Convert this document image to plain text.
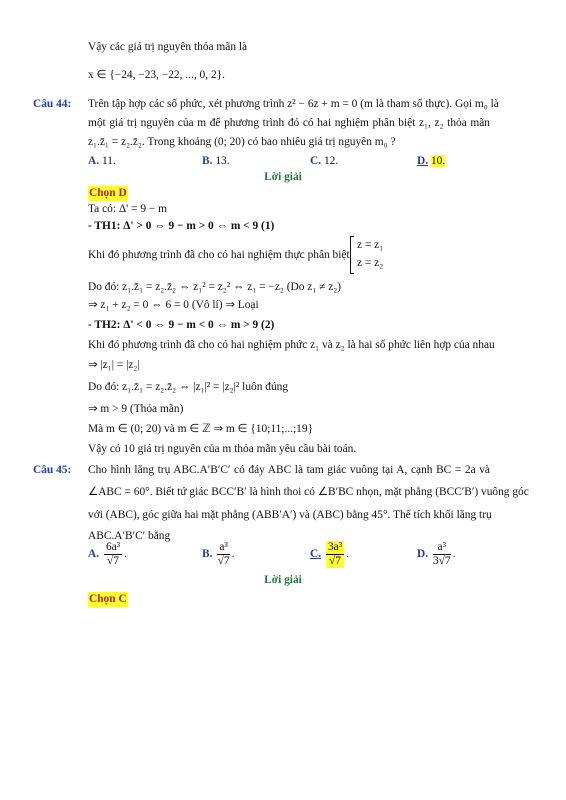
Vậy các giá trị nguyên thỏa mãn là
x ∈ {−24, −23, −22, ..., 0, 2}.
Câu 44: Trên tập hợp các số phức, xét phương trình z² − 6z + m = 0 (m là tham số thực). Gọi m₀ là
một giá trị nguyên của m để phương trình đó có hai nghiệm phân biệt z₁, z₂ thỏa mãn
z₁.z̄₁ = z₂.z̄₂. Trong khoảng (0; 20) có bao nhiêu giá trị nguyên m₀ ?
A. 11.	B. 13.	C. 12.	D. 10.
Lời giải
Chọn D
Ta có: Δ' = 9 − m
- TH1: Δ' > 0 ⇔ 9 − m > 0 ⇔ m < 9 (1)
Khi đó phương trình đã cho có hai nghiệm thực phân biệt
z = z₁
z = z₂
Do đó: z₁.z̄₁ = z₂.z̄₂ ⇔ z₁² = z₂² ⇔ z₁ = −z₂ (Do z₁ ≠ z₂)
⇒ z₁ + z₂ = 0 ⇔ 6 = 0 (Vô lí) ⇒ Loại
- TH2: Δ' < 0 ⇔ 9 − m < 0 ⇔ m > 9 (2)
Khi đó phương trình đã cho có hai nghiệm phức z₁ và z₂ là hai số phức liên hợp của nhau
⇒ |z₁| = |z₂|
Do đó: z₁.z̄₁ = z₂.z̄₂ ⇔ |z₁|² = |z₂|² luôn đúng
⇒ m > 9 (Thỏa mãn)
Mà m ∈ (0; 20) và m ∈ ℤ ⇒ m ∈ {10;11;...;19}
Vậy có 10 giá trị nguyên của m thỏa mãn yêu cầu bài toán.
Câu 45: Cho hình lăng trụ ABC.A′B′C′ có đáy ABC là tam giác vuông tại A, cạnh BC = 2a và
∠ABC = 60°. Biết tứ giác BCC′B′ là hình thoi có ∠B′BC nhọn, mặt phẳng (BCC′B′) vuông góc
với (ABC), góc giữa hai mặt phẳng (ABB′A′) và (ABC) bằng 45°. Thể tích khối lăng trụ
ABC.A′B′C′ bằng
A. $\frac{\text{6a³}}{√7}$ .	B. $\frac{\text{a³}}{√7}$ .	C. $\frac{\text{3a³}}{√7}$ .	D. $\frac{\text{a³}}{3√7}$ .
Lời giải
Chọn C
